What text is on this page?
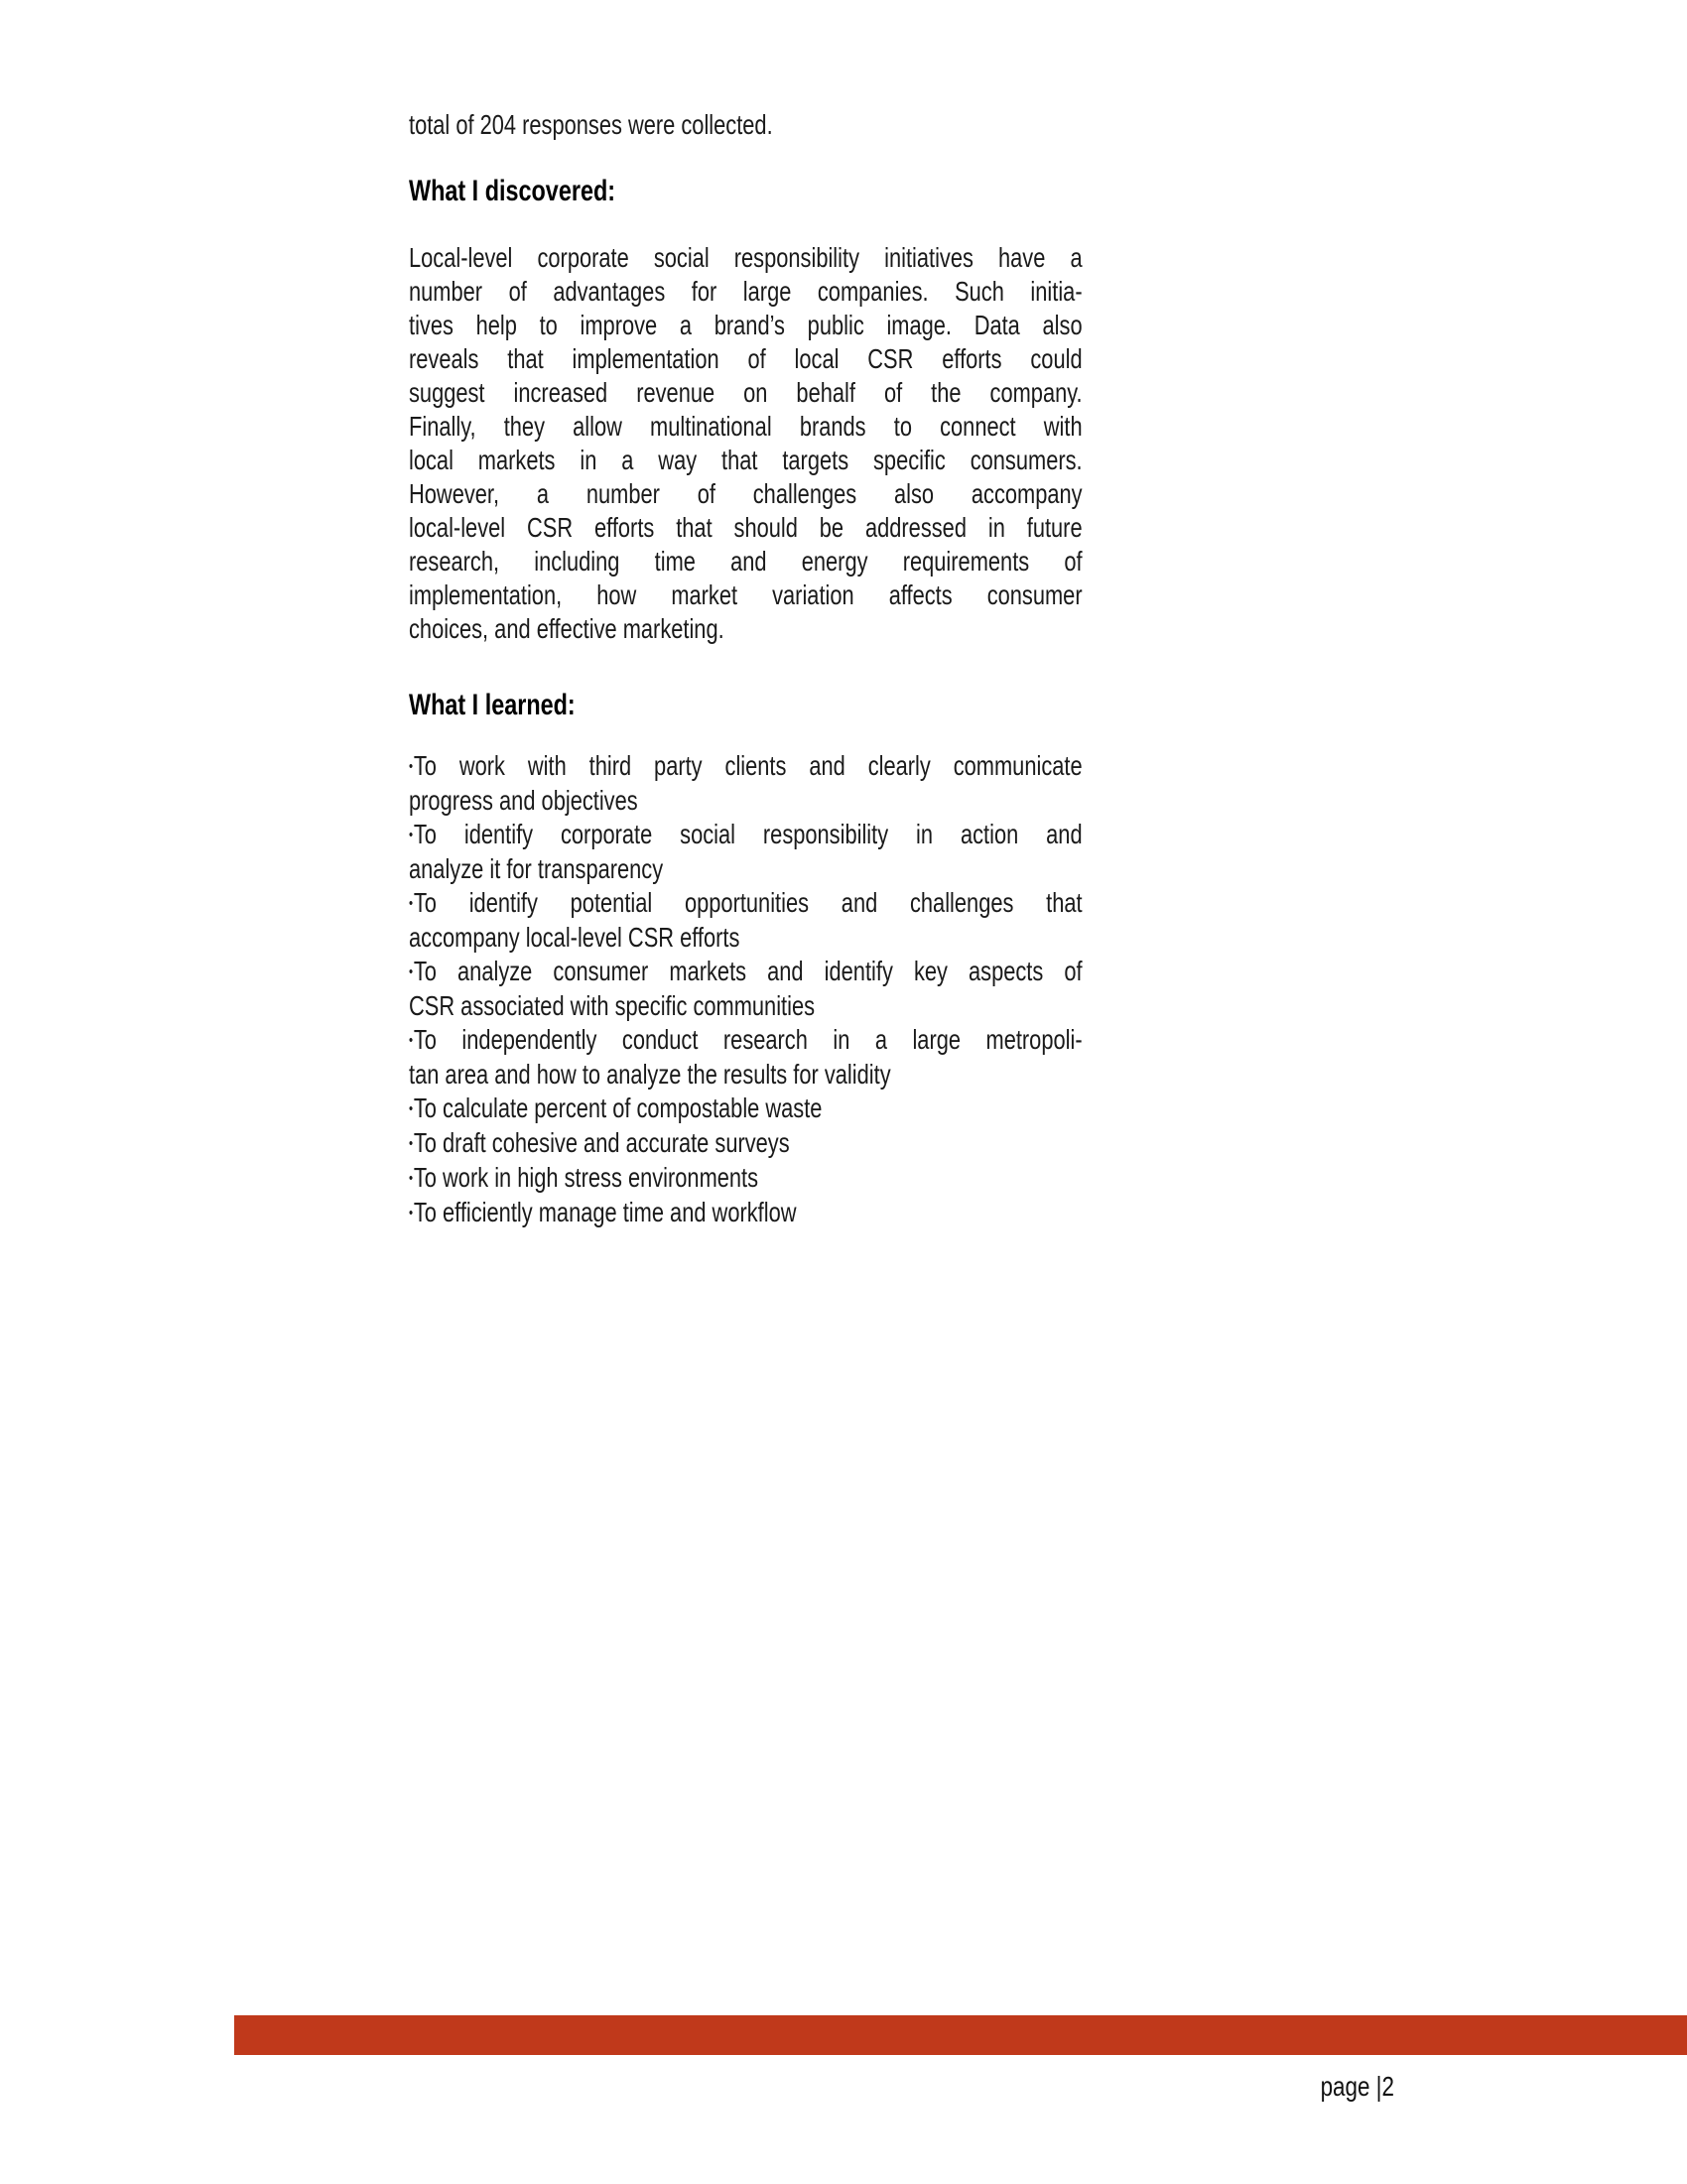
total of 204 responses were collected.
What I discovered:
Local-level corporate social responsibility initiatives have a
number of advantages for large companies. Such initia-
tives help to improve a brand’s public image. Data also
reveals that implementation of local CSR efforts could
suggest increased revenue on behalf of the company.
Finally, they allow multinational brands to connect with
local markets in a way that targets specific consumers.
However, a number of challenges also accompany
local-level CSR efforts that should be addressed in future
research, including time and energy requirements of
implementation, how market variation affects consumer
choices, and effective marketing.
What I learned:
•To work with third party clients and clearly communicate
progress and objectives
•To identify corporate social responsibility in action and
analyze it for transparency
•To identify potential opportunities and challenges that
accompany local-level CSR efforts
•To analyze consumer markets and identify key aspects of
CSR associated with specific communities
•To independently conduct research in a large metropoli-
tan area and how to analyze the results for validity
•To calculate percent of compostable waste
•To draft cohesive and accurate surveys
•To work in high stress environments
•To efficiently manage time and workflow
page |2
